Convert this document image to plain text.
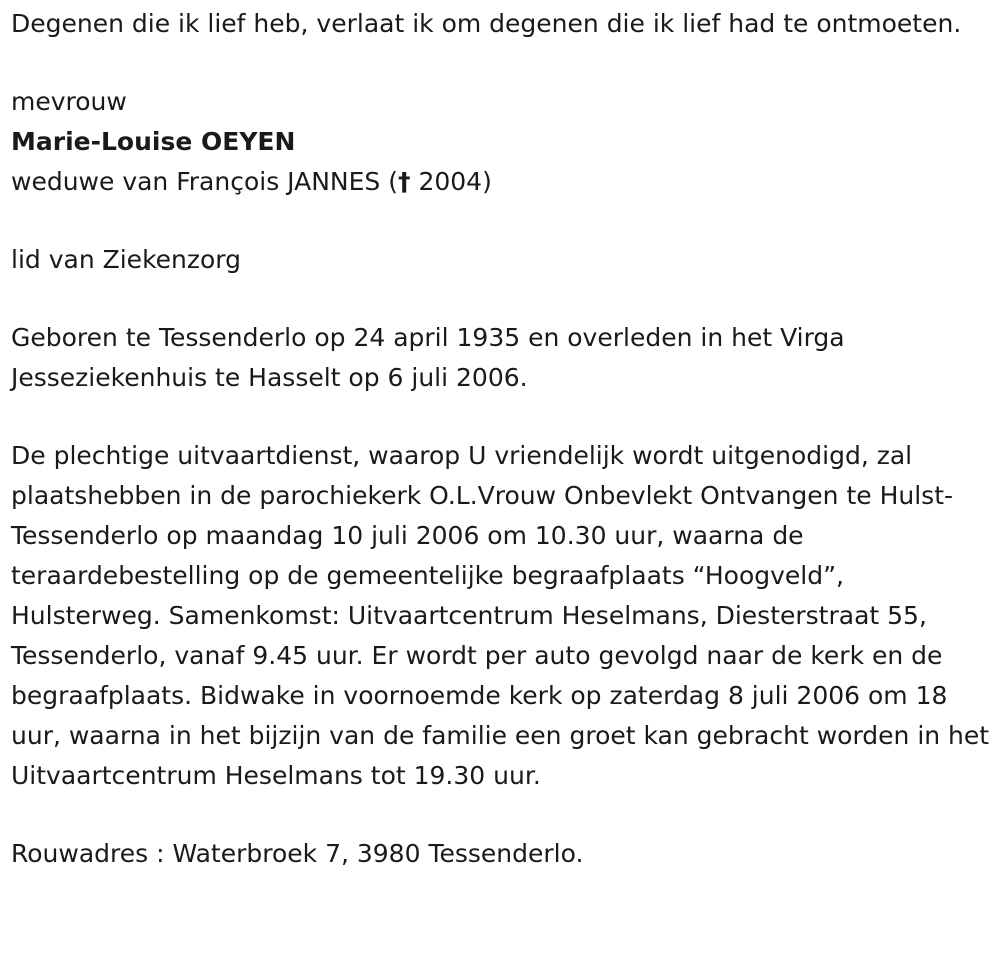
Degenen die ik lief heb, verlaat ik om degenen die ik lief had te ontmoeten.

mevrouw

Marie-Louise OEYEN

weduwe van François JANNES († 2004)

lid van Ziekenzorg

Geboren te Tessenderlo op 24 april 1935 en overleden in het Virga Jesseziekenhuis te Hasselt op 6 juli 2006.

De plechtige uitvaartdienst, waarop U vriendelijk wordt uitgenodigd, zal plaatshebben in de parochiekerk O.L.Vrouw Onbevlekt Ontvangen te Hulst-Tessenderlo op maandag 10 juli 2006 om 10.30 uur, waarna de teraardebestelling op de gemeentelijke begraafplaats “Hoogveld”, Hulsterweg. Samenkomst: Uitvaartcentrum Heselmans, Diesterstraat 55, Tessenderlo, vanaf 9.45 uur. Er wordt per auto gevolgd naar de kerk en de begraafplaats. Bidwake in voornoemde kerk op zaterdag 8 juli 2006 om 18 uur, waarna in het bijzijn van de familie een groet kan gebracht worden in het Uitvaartcentrum Heselmans tot 19.30 uur.

Rouwadres : Waterbroek 7, 3980 Tessenderlo.
